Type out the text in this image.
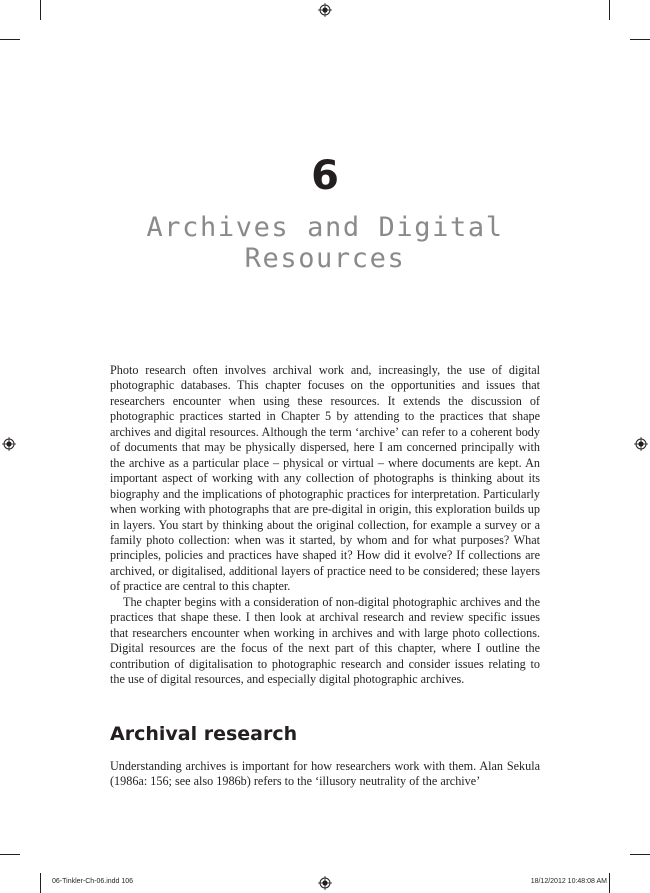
6
Archives and Digital
Resources

Photo research often involves archival work and, increasingly, the use of digital photographic databases. This chapter focuses on the opportunities and issues that researchers encounter when using these resources. It extends the discussion of photographic practices started in Chapter 5 by attending to the practices that shape archives and digital resources. Although the term ‘archive’ can refer to a coherent body of documents that may be physically dispersed, here I am concerned principally with the archive as a particular place – physical or virtual – where documents are kept. An important aspect of working with any collection of photographs is thinking about its biography and the implications of photographic practices for interpretation. Particularly when working with photographs that are pre-digital in origin, this exploration builds up in layers. You start by thinking about the original collection, for example a survey or a family photo collection: when was it started, by whom and for what purposes? What principles, policies and practices have shaped it? How did it evolve? If collections are archived, or digitalised, additional layers of practice need to be considered; these layers of practice are central to this chapter.

The chapter begins with a consideration of non-digital photographic archives and the practices that shape these. I then look at archival research and review specific issues that researchers encounter when working in archives and with large photo collections. Digital resources are the focus of the next part of this chapter, where I outline the contribution of digitalisation to photographic research and consider issues relating to the use of digital resources, and especially digital photographic archives.

Archival research

Understanding archives is important for how researchers work with them. Alan Sekula (1986a: 156; see also 1986b) refers to the ‘illusory neutrality of the archive’

06-Tinkler-Ch-06.indd 106	18/12/2012 10:48:08 AM
